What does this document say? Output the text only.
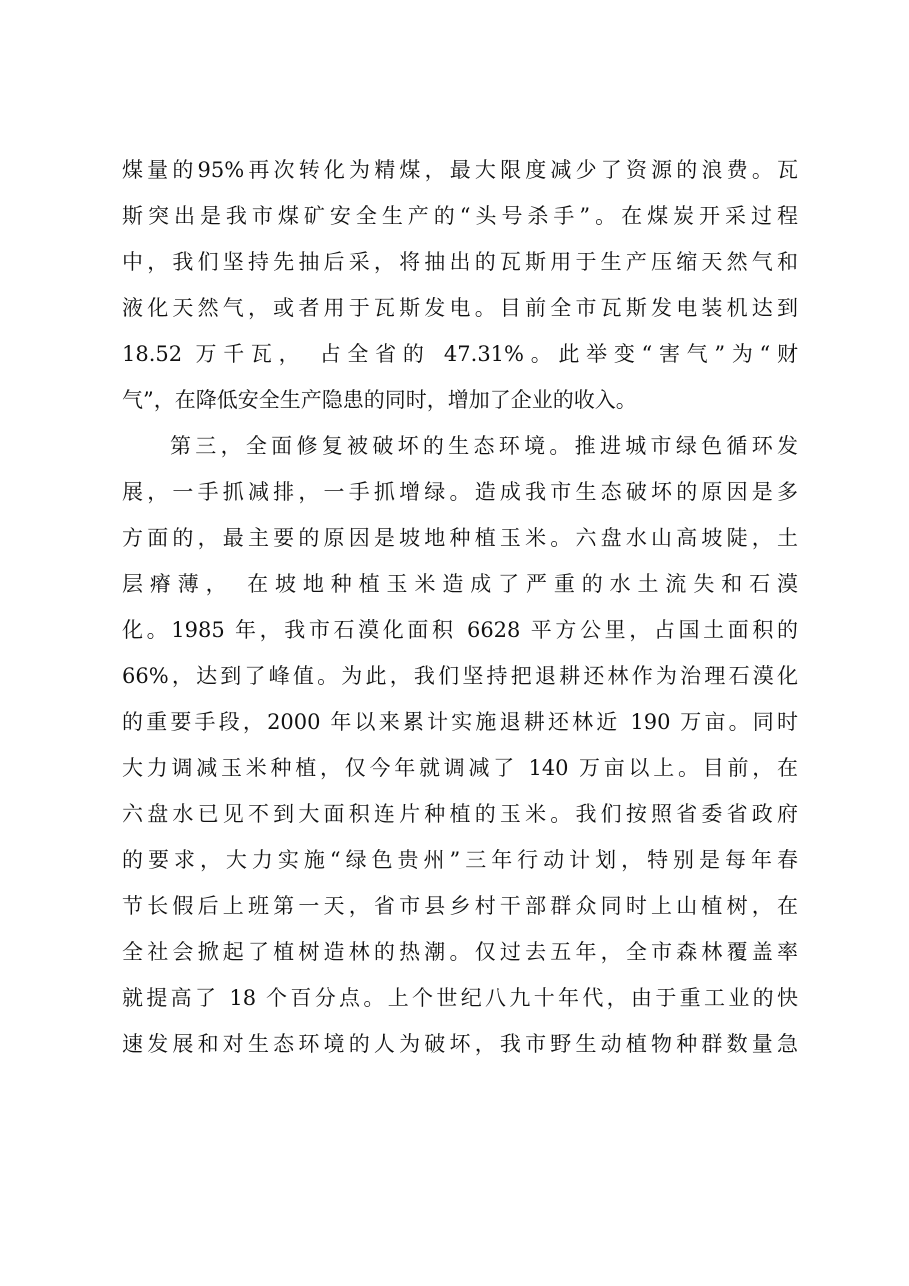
煤量的95%再次转化为精煤，最大限度减少了资源的浪费。瓦
斯突出是我市煤矿安全生产的“头号杀手”。在煤炭开采过程
中，我们坚持先抽后采，将抽出的瓦斯用于生产压缩天然气和
液化天然气，或者用于瓦斯发电。目前全市瓦斯发电装机达到
18.52 万千瓦， 占全省的 47.31%。此举变“害气”为“财
气”，在降低安全生产隐患的同时，增加了企业的收入。
第三，全面修复被破坏的生态环境。推进城市绿色循环发
展，一手抓减排，一手抓增绿。造成我市生态破坏的原因是多
方面的，最主要的原因是坡地种植玉米。六盘水山高坡陡，土
层瘠薄， 在坡地种植玉米造成了严重的水土流失和石漠
化。1985 年，我市石漠化面积 6628 平方公里，占国土面积的
66%，达到了峰值。为此，我们坚持把退耕还林作为治理石漠化
的重要手段，2000 年以来累计实施退耕还林近 190 万亩。同时
大力调减玉米种植，仅今年就调减了 140 万亩以上。目前，在
六盘水已见不到大面积连片种植的玉米。我们按照省委省政府
的要求，大力实施“绿色贵州”三年行动计划，特别是每年春
节长假后上班第一天，省市县乡村干部群众同时上山植树，在
全社会掀起了植树造林的热潮。仅过去五年，全市森林覆盖率
就提高了 18 个百分点。上个世纪八九十年代，由于重工业的快
速发展和对生态环境的人为破坏，我市野生动植物种群数量急
